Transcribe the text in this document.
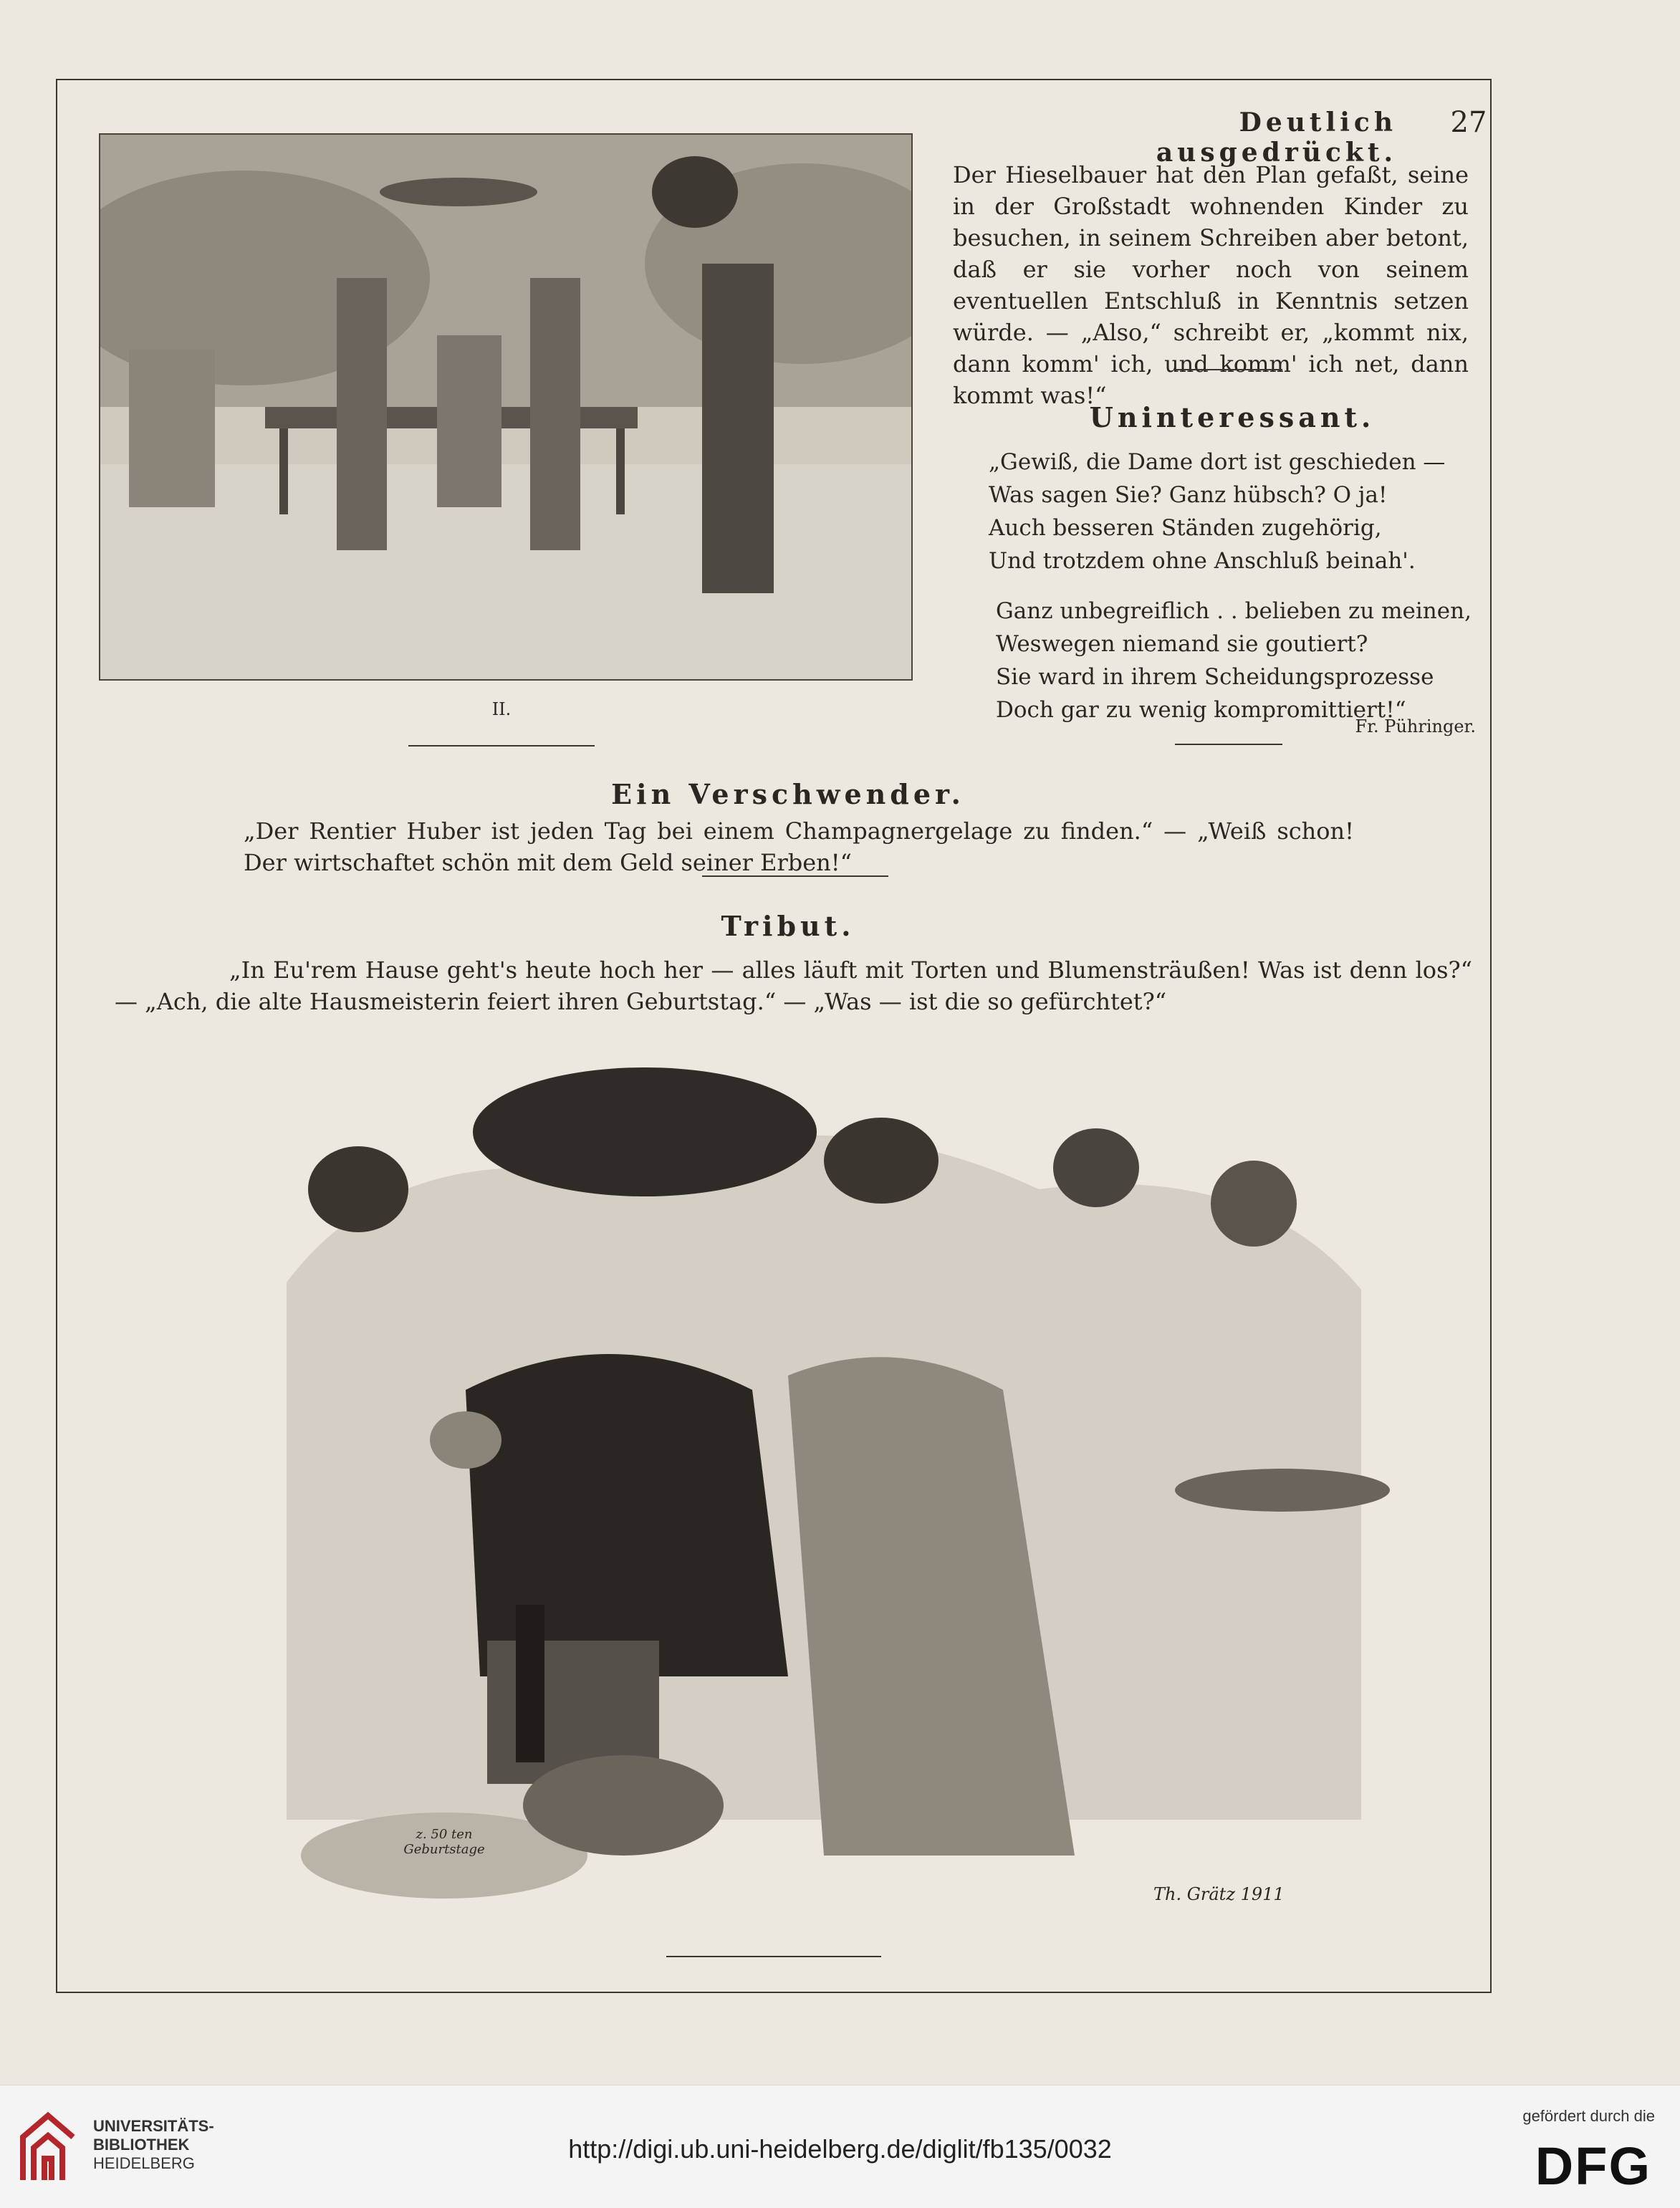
Deutlich ausgedrückt.
27
II.
Der Hieselbauer hat den Plan gefaßt, seine in der Großstadt wohnenden Kinder zu besuchen, in seinem Schreiben aber betont, daß er sie vorher noch von seinem eventuellen Entschluß in Kenntnis setzen würde. — „Also,“ schreibt er, „kommt nix, dann komm' ich, und komm' ich net, dann kommt was!“
Uninteressant.
„Gewiß, die Dame dort ist geschieden —
Was sagen Sie? Ganz hübsch? O ja!
Auch besseren Ständen zugehörig,
Und trotzdem ohne Anschluß beinah'.
Ganz unbegreiflich . . belieben zu meinen,
Weswegen niemand sie goutiert?
Sie ward in ihrem Scheidungsprozesse
Doch gar zu wenig kompromittiert!“
Fr. Pühringer.
Ein Verschwender.
„Der Rentier Huber ist jeden Tag bei einem Champagnergelage zu finden.“ — „Weiß schon! Der wirtschaftet schön mit dem Geld seiner Erben!“
Tribut.
„In Eu'rem Hause geht's heute hoch her — alles läuft mit Torten und Blumensträußen! Was ist denn los?“ — „Ach, die alte Hausmeisterin feiert ihren Geburtstag.“ — „Was — ist die so gefürchtet?“
z. 50 ten Geburtstage
Th. Grätz 1911
UNIVERSITÄTS-
BIBLIOTHEK
HEIDELBERG	http://digi.ub.uni-heidelberg.de/diglit/fb135/0032
gefördert durch die
DFG
